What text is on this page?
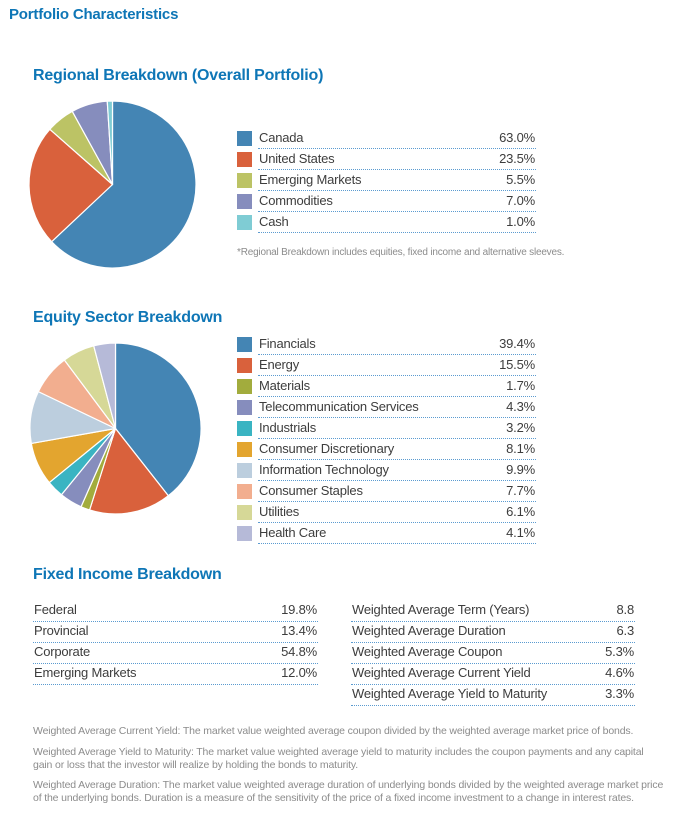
Portfolio Characteristics
Regional Breakdown (Overall Portfolio)
Canada	63.0%
United States	23.5%
Emerging Markets	5.5%
Commodities	7.0%
Cash	1.0%
*Regional Breakdown includes equities, fixed income and alternative sleeves.
Equity Sector Breakdown
Financials	39.4%
Energy	15.5%
Materials	1.7%
Telecommunication Services	4.3%
Industrials	3.2%
Consumer Discretionary	8.1%
Information Technology	9.9%
Consumer Staples	7.7%
Utilities	6.1%
Health Care	4.1%
Fixed Income Breakdown
Federal	19.8%
Provincial	13.4%
Corporate	54.8%
Emerging Markets	12.0%
Weighted Average Term (Years)	8.8
Weighted Average Duration	6.3
Weighted Average Coupon	5.3%
Weighted Average Current Yield	4.6%
Weighted Average Yield to Maturity	3.3%

Weighted Average Current Yield: The market value weighted average coupon divided by the weighted average market price of bonds.

Weighted Average Yield to Maturity: The market value weighted average yield to maturity includes the coupon payments and any capital gain or loss that the investor will realize by holding the bonds to maturity.

Weighted Average Duration: The market value weighted average duration of underlying bonds divided by the weighted average market price of the underlying bonds. Duration is a measure of the sensitivity of the price of a fixed income investment to a change in interest rates.
